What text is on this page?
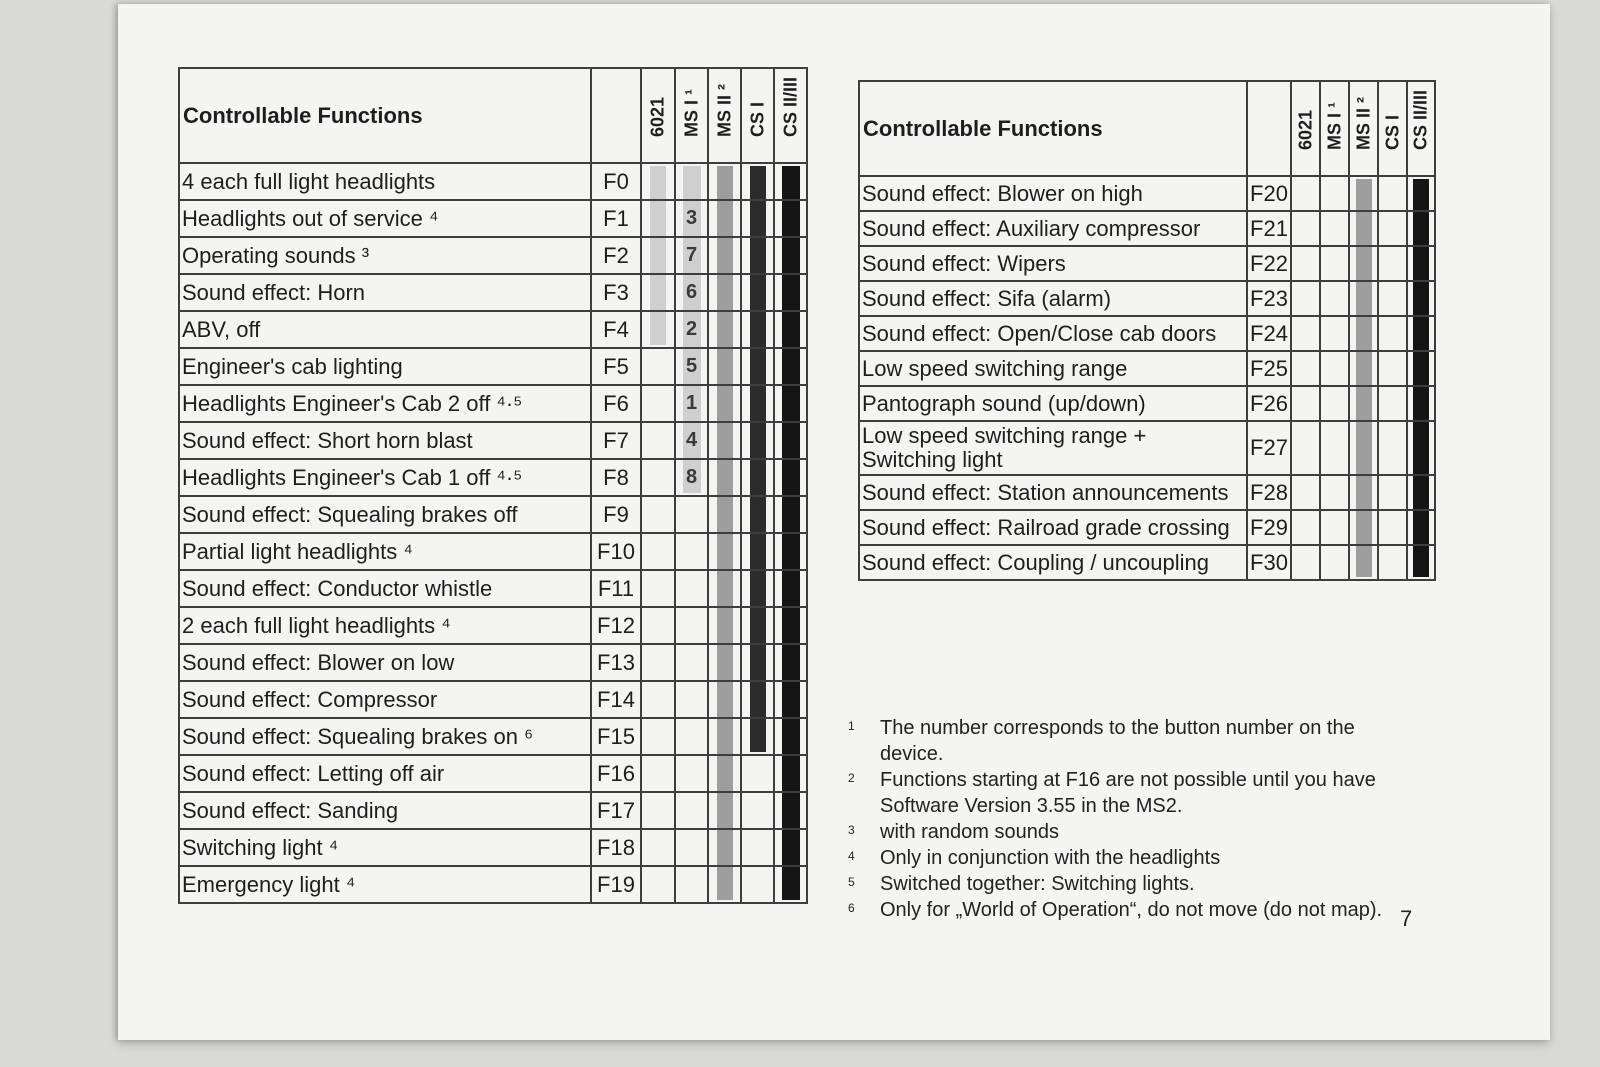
Controllable Functions		6021	MS I ¹	MS II ²	CS I	CS II/III

4 each full light headlights	F0	

Headlights out of service ⁴	F1		3	

Operating sounds ³	F2		7	

Sound effect: Horn	F3		6	

ABV, off	F4		2	

Engineer's cab lighting	F5		5	

Headlights Engineer's Cab 2 off ⁴·⁵	F6		1	

Sound effect: Short horn blast	F7		4	

Headlights Engineer's Cab 1 off ⁴·⁵	F8		8	

Sound effect: Squealing brakes off	F9			

Partial light headlights ⁴	F10			

Sound effect: Conductor whistle	F11			

2 each full light headlights ⁴	F12			

Sound effect: Blower on low	F13			

Sound effect: Compressor	F14			

Sound effect: Squealing brakes on ⁶	F15			

Sound effect: Letting off air	F16			

Sound effect: Sanding	F17			

Switching light ⁴	F18			

Emergency light ⁴	F19			

Controllable Functions		6021	MS I ¹	MS II ²	CS I	CS II/III

Sound effect: Blower on high	F20			

Sound effect: Auxiliary compressor	F21			

Sound effect: Wipers	F22			

Sound effect: Sifa (alarm)	F23			

Sound effect: Open/Close cab doors	F24			

Low speed switching range	F25			

Pantograph sound (up/down)	F26			

Low speed switching range + Switching light	F27			

Sound effect: Station announcements	F28			

Sound effect: Railroad grade crossing	F29			

Sound effect: Coupling / uncoupling	F30			

1	The number corresponds to the button number on the device.
2	Functions starting at F16 are not possible until you have Software Version 3.55 in the MS2.
3	with random sounds
4	Only in conjunction with the headlights
5	Switched together: Switching lights.
6	Only for „World of Operation“, do not move (do not map). 7
